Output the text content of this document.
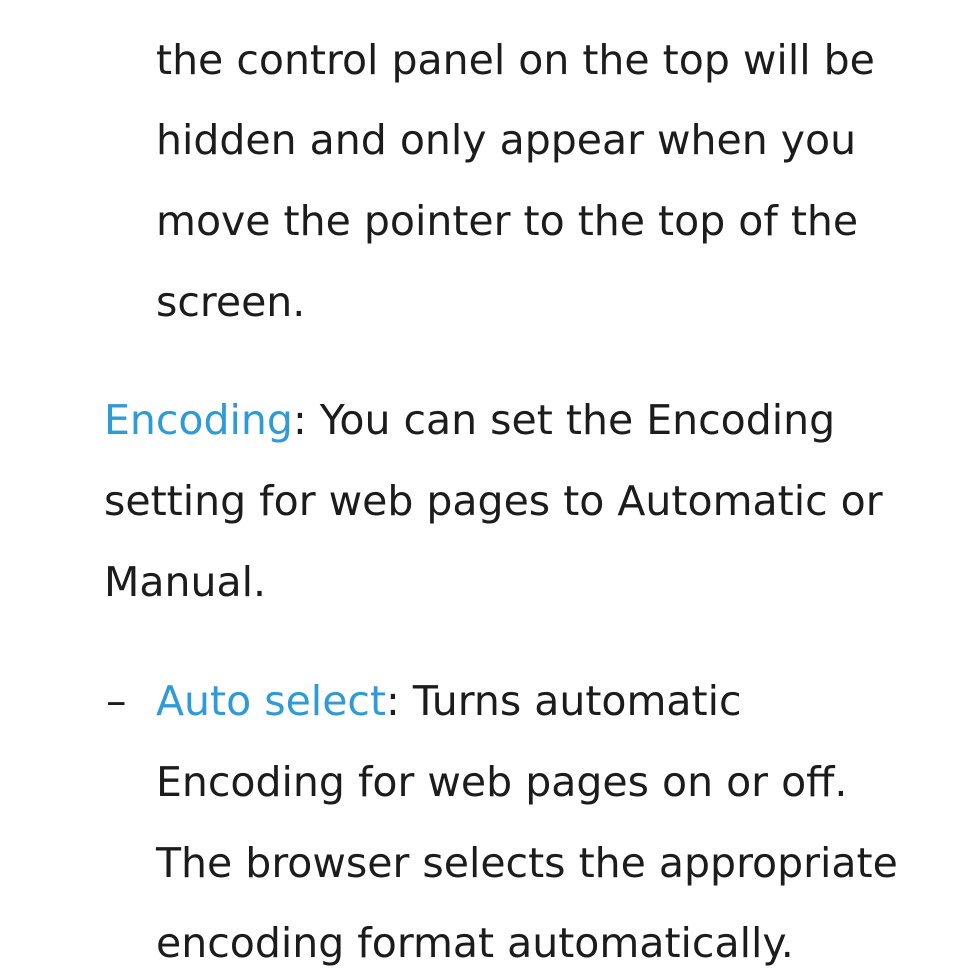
the control panel on the top will be
hidden and only appear when you
move the pointer to the top of the
screen.
Encoding: You can set the Encoding
setting for web pages to Automatic or
Manual.
– Auto select: Turns automatic
Encoding for web pages on or off.
The browser selects the appropriate
encoding format automatically.
